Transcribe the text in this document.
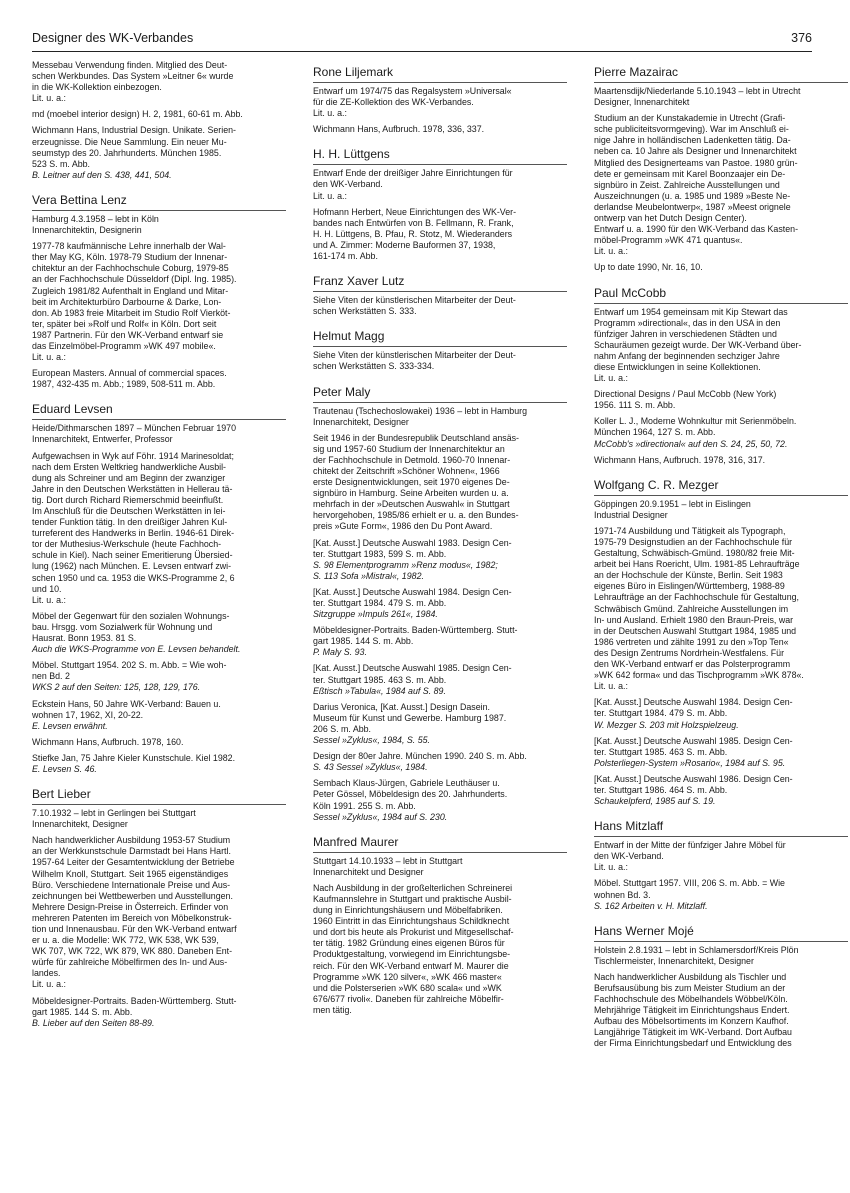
Designer des WK-Verbandes	376
Messebau Verwendung finden. Mitglied des Deut-
schen Werkbundes. Das System »Leitner 6« wurde
in die WK-Kollektion einbezogen.
Lit. u. a.:
md (moebel interior design) H. 2, 1981, 60-61 m. Abb.
Wichmann Hans, Industrial Design. Unikate. Serien-
erzeugnisse. Die Neue Sammlung. Ein neuer Mu-
seumstyp des 20. Jahrhunderts. München 1985.
523 S. m. Abb.
B. Leitner auf den S. 438, 441, 504.
Vera Bettina Lenz
Hamburg 4.3.1958 – lebt in Köln
Innenarchitektin, Designerin
1977-78 kaufmännische Lehre innerhalb der Wal-
ther May KG, Köln. 1978-79 Studium der Innenar-
chitektur an der Fachhochschule Coburg, 1979-85
an der Fachhochschule Düsseldorf (Dipl. Ing. 1985).
Zugleich 1981/82 Aufenthalt in England und Mitar-
beit im Architekturbüro Darbourne & Darke, Lon-
don. Ab 1983 freie Mitarbeit im Studio Rolf Vierköt-
ter, später bei »Rolf und Rolf« in Köln. Dort seit
1987 Partnerin. Für den WK-Verband entwarf sie
das Einzelmöbel-Programm »WK 497 mobile«.
Lit. u. a.:
European Masters. Annual of commercial spaces.
1987, 432-435 m. Abb.; 1989, 508-511 m. Abb.
Eduard Levsen
Heide/Dithmarschen 1897 – München Februar 1970
Innenarchitekt, Entwerfer, Professor
Aufgewachsen in Wyk auf Föhr. 1914 Marinesoldat;
nach dem Ersten Weltkrieg handwerkliche Ausbil-
dung als Schreiner und am Beginn der zwanziger
Jahre in den Deutschen Werkstätten in Hellerau tä-
tig. Dort durch Richard Riemerschmid beeinflußt.
Im Anschluß für die Deutschen Werkstätten in lei-
tender Funktion tätig. In den dreißiger Jahren Kul-
turreferent des Handwerks in Berlin. 1946-61 Direk-
tor der Muthesius-Werkschule (heute Fachhoch-
schule in Kiel). Nach seiner Emeritierung Übersied-
lung (1962) nach München. E. Levsen entwarf zwi-
schen 1950 und ca. 1953 die WKS-Programme 2, 6
und 10.
Lit. u. a.:
Möbel der Gegenwart für den sozialen Wohnungs-
bau. Hrsgg. vom Sozialwerk für Wohnung und
Hausrat. Bonn 1953. 81 S.
Auch die WKS-Programme von E. Levsen behandelt.
Möbel. Stuttgart 1954. 202 S. m. Abb. = Wie woh-
nen Bd. 2
WKS 2 auf den Seiten: 125, 128, 129, 176.
Eckstein Hans, 50 Jahre WK-Verband: Bauen u.
wohnen 17, 1962, XI, 20-22.
E. Levsen erwähnt.
Wichmann Hans, Aufbruch. 1978, 160.
Stiefke Jan, 75 Jahre Kieler Kunstschule. Kiel 1982.
E. Levsen S. 46.
Bert Lieber
7.10.1932 – lebt in Gerlingen bei Stuttgart
Innenarchitekt, Designer
Nach handwerklicher Ausbildung 1953-57 Studium
an der Werkkunstschule Darmstadt bei Hans Hartl.
1957-64 Leiter der Gesamtentwicklung der Betriebe
Wilhelm Knoll, Stuttgart. Seit 1965 eigenständiges
Büro. Verschiedene Internationale Preise und Aus-
zeichnungen bei Wettbewerben und Ausstellungen.
Mehrere Design-Preise in Österreich. Erfinder von
mehreren Patenten im Bereich von Möbelkonstruk-
tion und Innenausbau. Für den WK-Verband entwarf
er u. a. die Modelle: WK 772, WK 538, WK 539,
WK 707, WK 722, WK 879, WK 880. Daneben Ent-
würfe für zahlreiche Möbelfirmen des In- und Aus-
landes.
Lit. u. a.:
Möbeldesigner-Portraits. Baden-Württemberg. Stutt-
gart 1985. 144 S. m. Abb.
B. Lieber auf den Seiten 88-89.
Rone Liljemark
Entwarf um 1974/75 das Regalsystem »Universal«
für die ZE-Kollektion des WK-Verbandes.
Lit. u. a.:
Wichmann Hans, Aufbruch. 1978, 336, 337.
H. H. Lüttgens
Entwarf Ende der dreißiger Jahre Einrichtungen für
den WK-Verband.
Lit. u. a.:
Hofmann Herbert, Neue Einrichtungen des WK-Ver-
bandes nach Entwürfen von B. Fellmann, R. Frank,
H. H. Lüttgens, B. Pfau, R. Stotz, M. Wiederanders
und A. Zimmer: Moderne Bauformen 37, 1938,
161-174 m. Abb.
Franz Xaver Lutz
Siehe Viten der künstlerischen Mitarbeiter der Deut-
schen Werkstätten S. 333.
Helmut Magg
Siehe Viten der künstlerischen Mitarbeiter der Deut-
schen Werkstätten S. 333-334.
Peter Maly
Trautenau (Tschechoslowakei) 1936 – lebt in Hamburg
Innenarchitekt, Designer
Seit 1946 in der Bundesrepublik Deutschland ansäs-
sig und 1957-60 Studium der Innenarchitektur an
der Fachhochschule in Detmold. 1960-70 Innenar-
chitekt der Zeitschrift »Schöner Wohnen«, 1966
erste Designentwicklungen, seit 1970 eigenes De-
signbüro in Hamburg. Seine Arbeiten wurden u. a.
mehrfach in der »Deutschen Auswahl« in Stuttgart
hervorgehoben, 1985/86 erhielt er u. a. den Bundes-
preis »Gute Form«, 1986 den Du Pont Award.
[Kat. Ausst.] Deutsche Auswahl 1983. Design Cen-
ter. Stuttgart 1983, 599 S. m. Abb.
S. 98 Elementprogramm »Renz modus«, 1982;
S. 113 Sofa »Mistral«, 1982.
[Kat. Ausst.] Deutsche Auswahl 1984. Design Cen-
ter. Stuttgart 1984. 479 S. m. Abb.
Sitzgruppe »Impuls 261«, 1984.
Möbeldesigner-Portraits. Baden-Württemberg. Stutt-
gart 1985. 144 S. m. Abb.
P. Maly S. 93.
[Kat. Ausst.] Deutsche Auswahl 1985. Design Cen-
ter. Stuttgart 1985. 463 S. m. Abb.
Eßtisch »Tabula«, 1984 auf S. 89.
Darius Veronica, [Kat. Ausst.] Design Dasein.
Museum für Kunst und Gewerbe. Hamburg 1987.
206 S. m. Abb.
Sessel »Zyklus«, 1984, S. 55.
Design der 80er Jahre. München 1990. 240 S. m. Abb.
S. 43 Sessel »Zyklus«, 1984.
Sembach Klaus-Jürgen, Gabriele Leuthäuser u.
Peter Gössel, Möbeldesign des 20. Jahrhunderts.
Köln 1991. 255 S. m. Abb.
Sessel »Zyklus«, 1984 auf S. 230.
Manfred Maurer
Stuttgart 14.10.1933 – lebt in Stuttgart
Innenarchitekt und Designer
Nach Ausbildung in der großelterlichen Schreinerei
Kaufmannslehre in Stuttgart und praktische Ausbil-
dung in Einrichtungshäusern und Möbelfabriken.
1960 Eintritt in das Einrichtungshaus Schildknecht
und dort bis heute als Prokurist und Mitgesellschaf-
ter tätig. 1982 Gründung eines eigenen Büros für
Produktgestaltung, vorwiegend im Einrichtungsbe-
reich. Für den WK-Verband entwarf M. Maurer die
Programme »WK 120 silver«, »WK 466 master«
und die Polsterserien »WK 680 scala« und »WK
676/677 rivoli«. Daneben für zahlreiche Möbelfir-
men tätig.
Pierre Mazairac
Maartensdijk/Niederlande 5.10.1943 – lebt in Utrecht
Designer, Innenarchitekt
Studium an der Kunstakademie in Utrecht (Grafi-
sche publiciteitsvormgeving). War im Anschluß ei-
nige Jahre in holländischen Ladenketten tätig. Da-
neben ca. 10 Jahre als Designer und Innenarchitekt
Mitglied des Designerteams van Pastoe. 1980 grün-
dete er gemeinsam mit Karel Boonzaajer ein De-
signbüro in Zeist. Zahlreiche Ausstellungen und
Auszeichnungen (u. a. 1985 und 1989 »Beste Ne-
derlandse Meubelontwerp«, 1987 »Meest orignele
ontwerp van het Dutch Design Center).
Entwarf u. a. 1990 für den WK-Verband das Kasten-
möbel-Programm »WK 471 quantus«.
Lit. u. a.:
Up to date 1990, Nr. 16, 10.
Paul McCobb
Entwarf um 1954 gemeinsam mit Kip Stewart das
Programm »directional«, das in den USA in den
fünfziger Jahren in verschiedenen Städten und
Schauräumen gezeigt wurde. Der WK-Verband über-
nahm Anfang der beginnenden sechziger Jahre
diese Entwicklungen in seine Kollektionen.
Lit. u. a.:
Directional Designs / Paul McCobb (New York)
1956. 111 S. m. Abb.
Koller L. J., Moderne Wohnkultur mit Serienmöbeln.
München 1964, 127 S. m. Abb.
McCobb's »directional« auf den S. 24, 25, 50, 72.
Wichmann Hans, Aufbruch. 1978, 316, 317.
Wolfgang C. R. Mezger
Göppingen 20.9.1951 – lebt in Eislingen
Industrial Designer
1971-74 Ausbildung und Tätigkeit als Typograph,
1975-79 Designstudien an der Fachhochschule für
Gestaltung, Schwäbisch-Gmünd. 1980/82 freie Mit-
arbeit bei Hans Roericht, Ulm. 1981-85 Lehraufträge
an der Hochschule der Künste, Berlin. Seit 1983
eigenes Büro in Eislingen/Württemberg, 1988-89
Lehraufträge an der Fachhochschule für Gestaltung,
Schwäbisch Gmünd. Zahlreiche Ausstellungen im
In- und Ausland. Erhielt 1980 den Braun-Preis, war
in der Deutschen Auswahl Stuttgart 1984, 1985 und
1986 vertreten und zählte 1991 zu den »Top Ten«
des Design Zentrums Nordrhein-Westfalens. Für
den WK-Verband entwarf er das Polsterprogramm
»WK 642 forma« und das Tischprogramm »WK 878«.
Lit. u. a.:
[Kat. Ausst.] Deutsche Auswahl 1984. Design Cen-
ter. Stuttgart 1984. 479 S. m. Abb.
W. Mezger S. 203 mit Holzspielzeug.
[Kat. Ausst.] Deutsche Auswahl 1985. Design Cen-
ter. Stuttgart 1985. 463 S. m. Abb.
Polsterliegen-System »Rosario«, 1984 auf S. 95.
[Kat. Ausst.] Deutsche Auswahl 1986. Design Cen-
ter. Stuttgart 1986. 464 S. m. Abb.
Schaukelpferd, 1985 auf S. 19.
Hans Mitzlaff
Entwarf in der Mitte der fünfziger Jahre Möbel für
den WK-Verband.
Lit. u. a.:
Möbel. Stuttgart 1957. VIII, 206 S. m. Abb. = Wie
wohnen Bd. 3.
S. 162 Arbeiten v. H. Mitzlaff.
Hans Werner Mojé
Holstein 2.8.1931 – lebt in Schlamersdorf/Kreis Plön
Tischlermeister, Innenarchitekt, Designer
Nach handwerklicher Ausbildung als Tischler und
Berufsausübung bis zum Meister Studium an der
Fachhochschule des Möbelhandels Wöbbel/Köln.
Mehrjährige Tätigkeit im Einrichtungshaus Endert.
Aufbau des Möbelsortiments im Konzern Kaufhof.
Langjährige Tätigkeit im WK-Verband. Dort Aufbau
der Firma Einrichtungsbedarf und Entwicklung des
